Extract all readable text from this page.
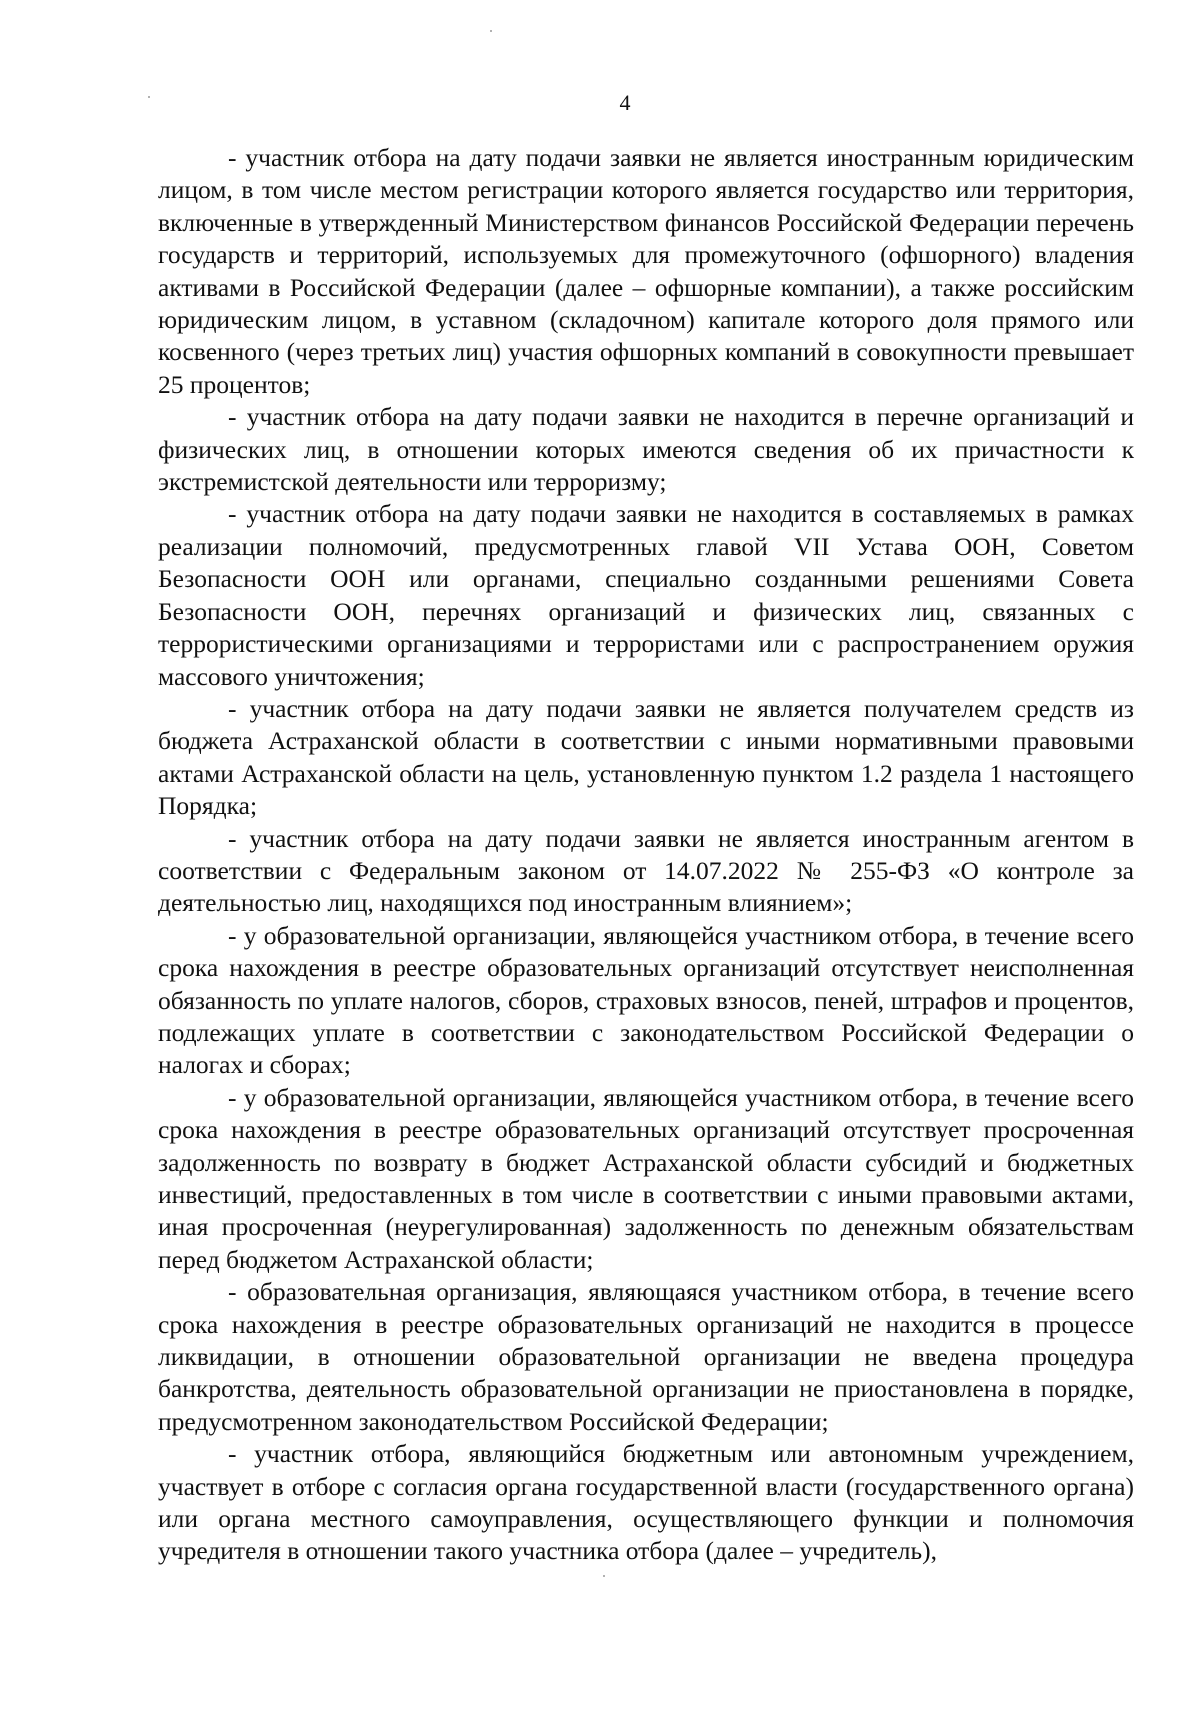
4

- участник отбора на дату подачи заявки не является иностранным юридическим лицом, в том числе местом регистрации которого является государство или территория, включенные в утвержденный Министерством финансов Российской Федерации перечень государств и территорий, используемых для промежуточного (офшорного) владения активами в Российской Федерации (далее – офшорные компании), а также российским юридическим лицом, в уставном (складочном) капитале которого доля прямого или косвенного (через третьих лиц) участия офшорных компаний в совокупности превышает 25 процентов;

- участник отбора на дату подачи заявки не находится в перечне организаций и физических лиц, в отношении которых имеются сведения об их причастности к экстремистской деятельности или терроризму;

- участник отбора на дату подачи заявки не находится в составляемых в рамках реализации полномочий, предусмотренных главой VII Устава ООН, Советом Безопасности ООН или органами, специально созданными решениями Совета Безопасности ООН, перечнях организаций и физических лиц, связанных с террористическими организациями и террористами или с распространением оружия массового уничтожения;

- участник отбора на дату подачи заявки не является получателем средств из бюджета Астраханской области в соответствии с иными нормативными правовыми актами Астраханской области на цель, установленную пунктом 1.2 раздела 1 настоящего Порядка;

- участник отбора на дату подачи заявки не является иностранным агентом в соответствии с Федеральным законом от 14.07.2022 № 255-ФЗ «О контроле за деятельностью лиц, находящихся под иностранным влиянием»;

- у образовательной организации, являющейся участником отбора, в течение всего срока нахождения в реестре образовательных организаций отсутствует неисполненная обязанность по уплате налогов, сборов, страховых взносов, пеней, штрафов и процентов, подлежащих уплате в соответствии с законодательством Российской Федерации о налогах и сборах;

- у образовательной организации, являющейся участником отбора, в течение всего срока нахождения в реестре образовательных организаций отсутствует просроченная задолженность по возврату в бюджет Астраханской области субсидий и бюджетных инвестиций, предоставленных в том числе в соответствии с иными правовыми актами, иная просроченная (неурегулированная) задолженность по денежным обязательствам перед бюджетом Астраханской области;

- образовательная организация, являющаяся участником отбора, в течение всего срока нахождения в реестре образовательных организаций не находится в процессе ликвидации, в отношении образовательной организации не введена процедура банкротства, деятельность образовательной организации не приостановлена в порядке, предусмотренном законодательством Российской Федерации;

- участник отбора, являющийся бюджетным или автономным учреждением, участвует в отборе с согласия органа государственной власти (государственного органа) или органа местного самоуправления, осуществляющего функции и полномочия учредителя в отношении такого участника отбора (далее – учредитель),
